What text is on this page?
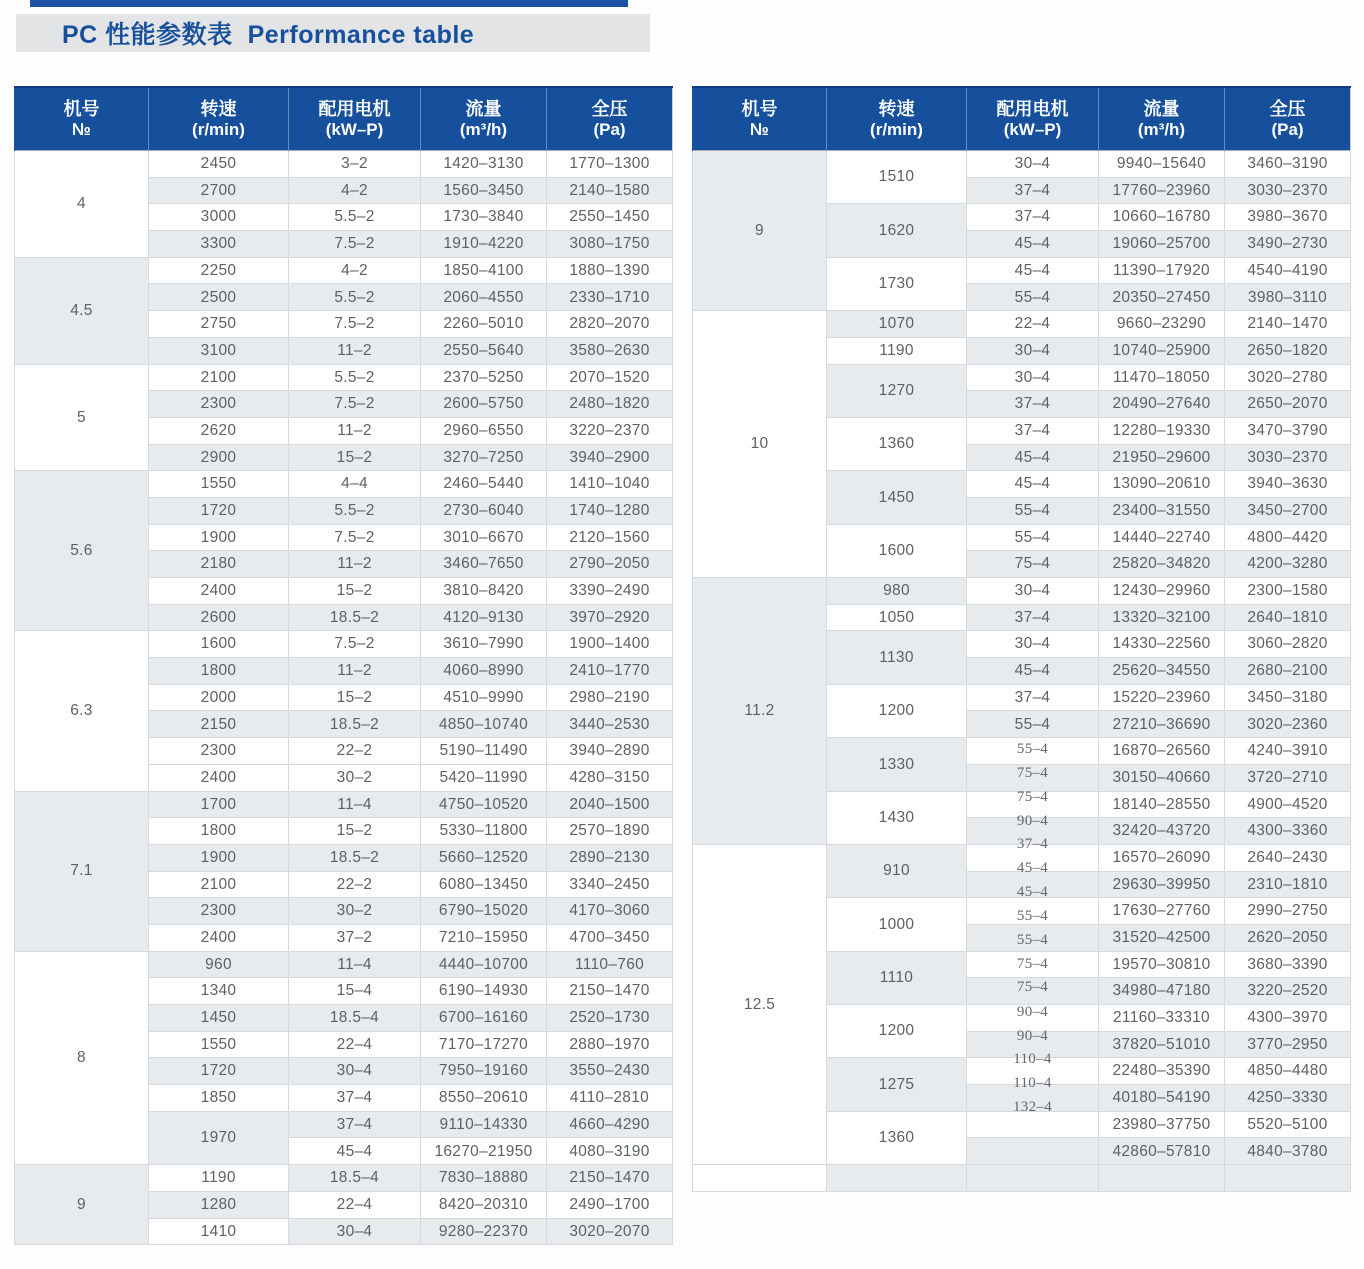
PC 性能参数表  Performance table
机号
№

转速
(r/min)

配用电机
(kW–P)

流量
(m³/h)

全压
(Pa)

4	2450	3–2	1420–3130	1770–1300
	2700	4–2	1560–3450	2140–1580
	3000	5.5–2	1730–3840	2550–1450
	3300	7.5–2	1910–4220	3080–1750
4.5	2250	4–2	1850–4100	1880–1390
	2500	5.5–2	2060–4550	2330–1710
	2750	7.5–2	2260–5010	2820–2070
	3100	11–2	2550–5640	3580–2630
5	2100	5.5–2	2370–5250	2070–1520
	2300	7.5–2	2600–5750	2480–1820
	2620	11–2	2960–6550	3220–2370
	2900	15–2	3270–7250	3940–2900
5.6	1550	4–4	2460–5440	1410–1040
	1720	5.5–2	2730–6040	1740–1280
	1900	7.5–2	3010–6670	2120–1560
	2180	11–2	3460–7650	2790–2050
	2400	15–2	3810–8420	3390–2490
	2600	18.5–2	4120–9130	3970–2920
6.3	1600	7.5–2	3610–7990	1900–1400
	1800	11–2	4060–8990	2410–1770
	2000	15–2	4510–9990	2980–2190
	2150	18.5–2	4850–10740	3440–2530
	2300	22–2	5190–11490	3940–2890
	2400	30–2	5420–11990	4280–3150
7.1	1700	11–4	4750–10520	2040–1500
	1800	15–2	5330–11800	2570–1890
	1900	18.5–2	5660–12520	2890–2130
	2100	22–2	6080–13450	3340–2450
	2300	30–2	6790–15020	4170–3060
	2400	37–2	7210–15950	4700–3450
8	960	11–4	4440–10700	1110–760
	1340	15–4	6190–14930	2150–1470
	1450	18.5–4	6700–16160	2520–1730
	1550	22–4	7170–17270	2880–1970
	1720	30–4	7950–19160	3550–2430
	1850	37–4	8550–20610	4110–2810
	1970	37–4	9110–14330	4660–4290
		45–4	16270–21950	4080–3190
9	1190	18.5–4	7830–18880	2150–1470
	1280	22–4	8420–20310	2490–1700
	1410	30–4	9280–22370	3020–2070
机号
№

转速
(r/min)

配用电机
(kW–P)

流量
(m³/h)

全压
(Pa)

9	1510	30–4	9940–15640	3460–3190
		37–4	17760–23960	3030–2370
	1620	37–4	10660–16780	3980–3670
		45–4	19060–25700	3490–2730
	1730	45–4	11390–17920	4540–4190
		55–4	20350–27450	3980–3110
10	1070	22–4	9660–23290	2140–1470
	1190	30–4	10740–25900	2650–1820
	1270	30–4	11470–18050	3020–2780
		37–4	20490–27640	2650–2070
	1360	37–4	12280–19330	3470–3790
		45–4	21950–29600	3030–2370
	1450	45–4	13090–20610	3940–3630
		55–4	23400–31550	3450–2700
	1600	55–4	14440–22740	4800–4420
		75–4	25820–34820	4200–3280
11.2	980	30–4	12430–29960	2300–1580
	1050	37–4	13320–32100	2640–1810
	1130	30–4	14330–22560	3060–2820
		45–4	25620–34550	2680–2100
	1200	37–4	15220–23960	3450–3180
		55–4	27210–36690	3020–2360
	1330	55–4	16870–26560	4240–3910
		75–4	30150–40660	3720–2710
	1430	75–4	18140–28550	4900–4520
		90–4	32420–43720	4300–3360
12.5	910	37–4	16570–26090	2640–2430
		45–4	29630–39950	2310–1810
	1000	45–4	17630–27760	2990–2750
		55–4	31520–42500	2620–2050
	1110	55–4	19570–30810	3680–3390
		75–4	34980–47180	3220–2520
	1200	75–4	21160–33310	4300–3970
		90–4	37820–51010	3770–2950
	1275	90–4	22480–35390	4850–4480
		110–4	40180–54190	4250–3330
	1360	110–4	23980–37750	5520–5100
		132–4	42860–57810	4840–3780
